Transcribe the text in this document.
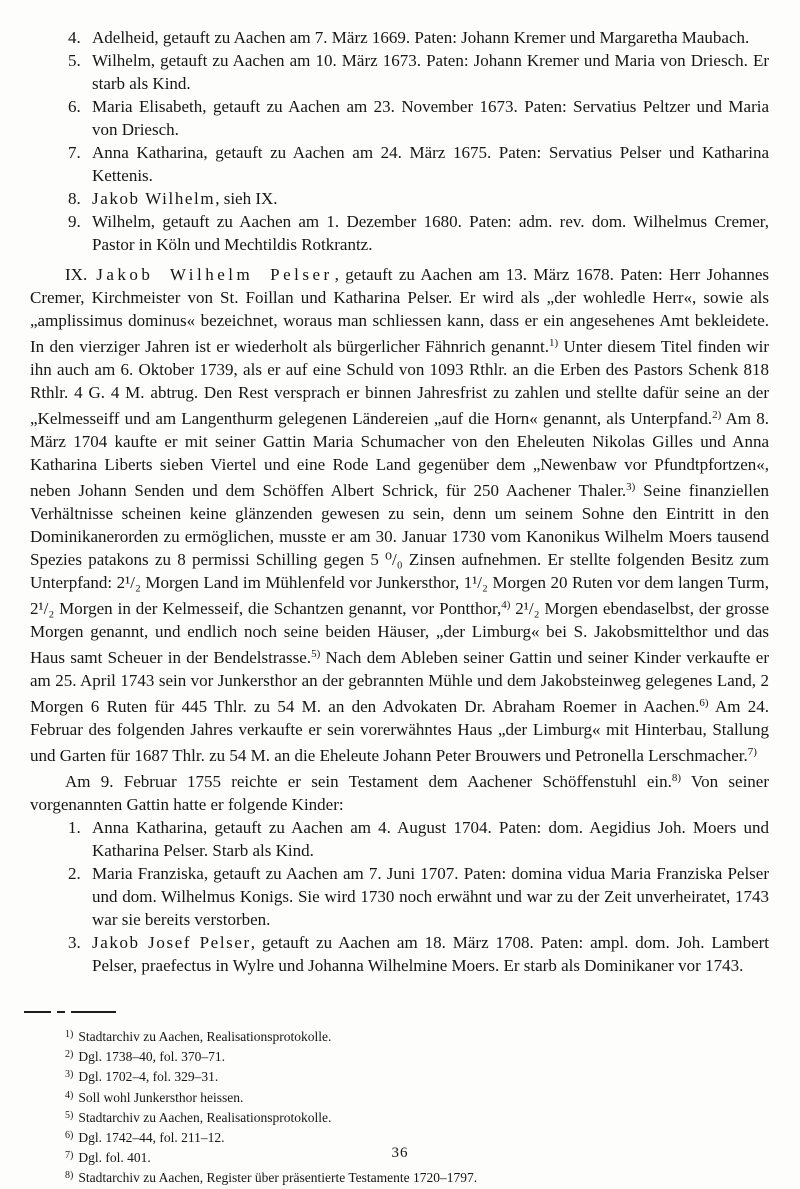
4. Adelheid, getauft zu Aachen am 7. März 1669. Paten: Johann Kremer und Margaretha Maubach.
5. Wilhelm, getauft zu Aachen am 10. März 1673. Paten: Johann Kremer und Maria von Driesch. Er starb als Kind.
6. Maria Elisabeth, getauft zu Aachen am 23. November 1673. Paten: Servatius Peltzer und Maria von Driesch.
7. Anna Katharina, getauft zu Aachen am 24. März 1675. Paten: Servatius Pelser und Katharina Kettenis.
8. Jakob Wilhelm, sieh IX.
9. Wilhelm, getauft zu Aachen am 1. Dezember 1680. Paten: adm. rev. dom. Wilhelmus Cremer, Pastor in Köln und Mechtildis Rotkrantz.
IX. Jakob Wilhelm Pelser , getauft zu Aachen am 13. März 1678. Paten: Herr Johannes Cremer, Kirchmeister von St. Foillan und Katharina Pelser. Er wird als „der wohledle Herr«, sowie als „amplissimus dominus« bezeichnet, woraus man schliessen kann, dass er ein angesehenes Amt bekleidete. In den vierziger Jahren ist er wiederholt als bürgerlicher Fähnrich genannt.$^{1)}$ Unter diesem Titel finden wir ihn auch am 6. Oktober 1739, als er auf eine Schuld von 1093 Rthlr. an die Erben des Pastors Schenk 818 Rthlr. 4 G. 4 M. abtrug. Den Rest versprach er binnen Jahresfrist zu zahlen und stellte dafür seine an der „Kelmesseiff und am Langenthurm gelegenen Ländereien „auf die Horn« genannt, als Unterpfand.$^{2)}$ Am 8. März 1704 kaufte er mit seiner Gattin Maria Schumacher von den Eheleuten Nikolas Gilles und Anna Katharina Liberts sieben Viertel und eine Rode Land gegenüber dem „Newenbaw vor Pfundtpfortzen«, neben Johann Senden und dem Schöffen Albert Schrick, für 250 Aachener Thaler.$^{3)}$ Seine finanziellen Verhältnisse scheinen keine glänzenden gewesen zu sein, denn um seinem Sohne den Eintritt in den Dominikanerorden zu ermöglichen, musste er am 30. Januar 1730 vom Kanonikus Wilhelm Moers tausend Spezies patakons zu 8 permissi Schilling gegen 5 ⁰/₀ Zinsen aufnehmen. Er stellte folgenden Besitz zum Unterpfand: 2¹/₂ Morgen Land im Mühlenfeld vor Junkersthor, 1¹/₂ Morgen 20 Ruten vor dem langen Turm, 2¹/₂ Morgen in der Kelmesseif, die Schantzen genannt, vor Pontthor,$^{4)}$ 2¹/₂ Morgen ebendaselbst, der grosse Morgen genannt, und endlich noch seine beiden Häuser, „der Limburg« bei S. Jakobsmittelthor und das Haus samt Scheuer in der Bendelstrasse.$^{5)}$ Nach dem Ableben seiner Gattin und seiner Kinder verkaufte er am 25. April 1743 sein vor Junkersthor an der gebrannten Mühle und dem Jakobsteinweg gelegenes Land, 2 Morgen 6 Ruten für 445 Thlr. zu 54 M. an den Advokaten Dr. Abraham Roemer in Aachen.$^{6)}$ Am 24. Februar des folgenden Jahres verkaufte er sein vorerwähntes Haus „der Limburg« mit Hinterbau, Stallung und Garten für 1687 Thlr. zu 54 M. an die Eheleute Johann Peter Brouwers und Petronella Lerschmacher.$^{7)}$
Am 9. Februar 1755 reichte er sein Testament dem Aachener Schöffenstuhl ein.$^{8)}$ Von seiner vorgenannten Gattin hatte er folgende Kinder:
1. Anna Katharina, getauft zu Aachen am 4. August 1704. Paten: dom. Aegidius Joh. Moers und Katharina Pelser. Starb als Kind.
2. Maria Franziska, getauft zu Aachen am 7. Juni 1707. Paten: domina vidua Maria Franziska Pelser und dom. Wilhelmus Konigs. Sie wird 1730 noch erwähnt und war zu der Zeit unverheiratet, 1743 war sie bereits verstorben.
3. Jakob Josef Pelser, getauft zu Aachen am 18. März 1708. Paten: ampl. dom. Joh. Lambert Pelser, praefectus in Wylre und Johanna Wilhelmine Moers. Er starb als Dominikaner vor 1743.
$^{1)}$ Stadtarchiv zu Aachen, Realisationsprotokolle.
$^{2)}$ Dgl. 1738–40, fol. 370–71.
$^{3)}$ Dgl. 1702–4, fol. 329–31.
$^{4)}$ Soll wohl Junkersthor heissen.
$^{5)}$ Stadtarchiv zu Aachen, Realisationsprotokolle.
$^{6)}$ Dgl. 1742–44, fol. 211–12.
$^{7)}$ Dgl. fol. 401.
$^{8)}$ Stadtarchiv zu Aachen, Register über präsentierte Testamente 1720–1797.
36
